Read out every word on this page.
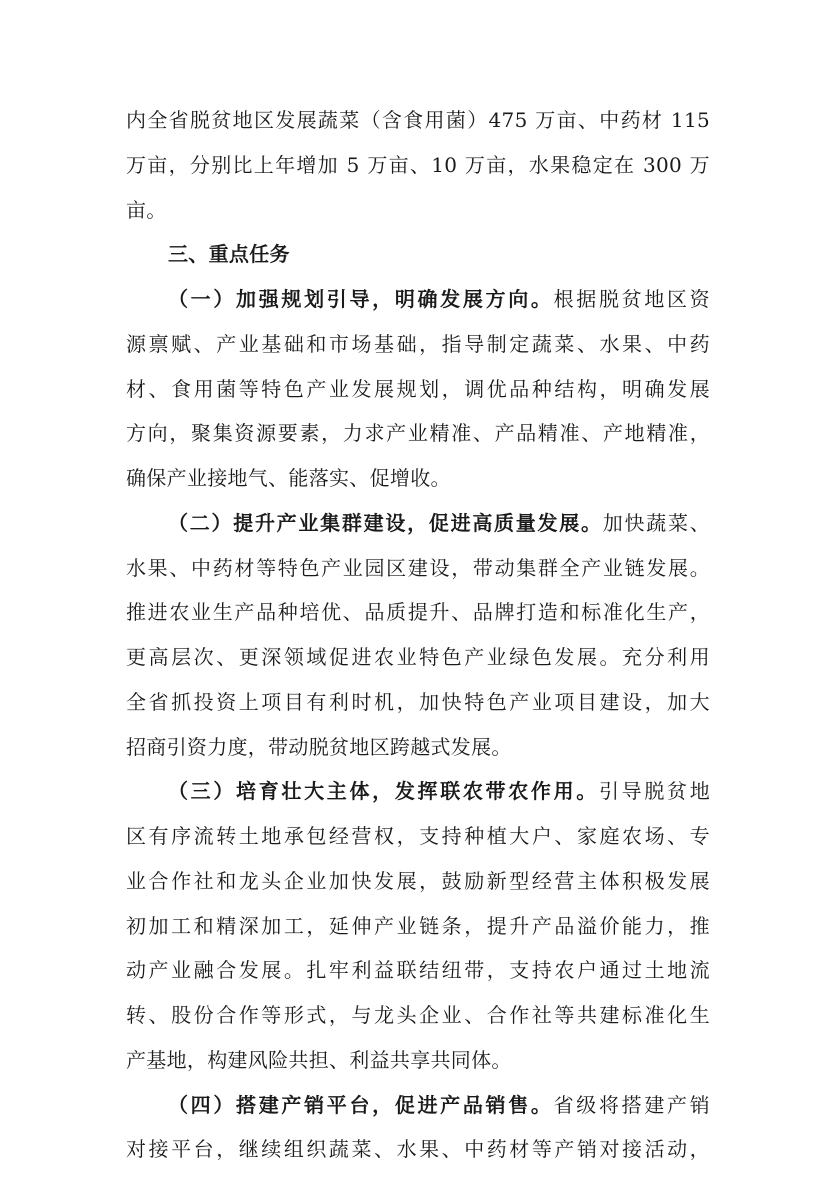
内全省脱贫地区发展蔬菜（含食用菌）475 万亩、中药材 115
万亩，分别比上年增加 5 万亩、10 万亩，水果稳定在 300 万
亩。
三、重点任务
（一）加强规划引导，明确发展方向。根据脱贫地区资
源禀赋、产业基础和市场基础，指导制定蔬菜、水果、中药
材、食用菌等特色产业发展规划，调优品种结构，明确发展
方向，聚集资源要素，力求产业精准、产品精准、产地精准，
确保产业接地气、能落实、促增收。
（二）提升产业集群建设，促进高质量发展。加快蔬菜、
水果、中药材等特色产业园区建设，带动集群全产业链发展。
推进农业生产品种培优、品质提升、品牌打造和标准化生产，
更高层次、更深领域促进农业特色产业绿色发展。充分利用
全省抓投资上项目有利时机，加快特色产业项目建设，加大
招商引资力度，带动脱贫地区跨越式发展。
（三）培育壮大主体，发挥联农带农作用。引导脱贫地
区有序流转土地承包经营权，支持种植大户、家庭农场、专
业合作社和龙头企业加快发展，鼓励新型经营主体积极发展
初加工和精深加工，延伸产业链条，提升产品溢价能力，推
动产业融合发展。扎牢利益联结纽带，支持农户通过土地流
转、股份合作等形式，与龙头企业、合作社等共建标准化生
产基地，构建风险共担、利益共享共同体。
（四）搭建产销平台，促进产品销售。省级将搭建产销
对接平台，继续组织蔬菜、水果、中药材等产销对接活动，
